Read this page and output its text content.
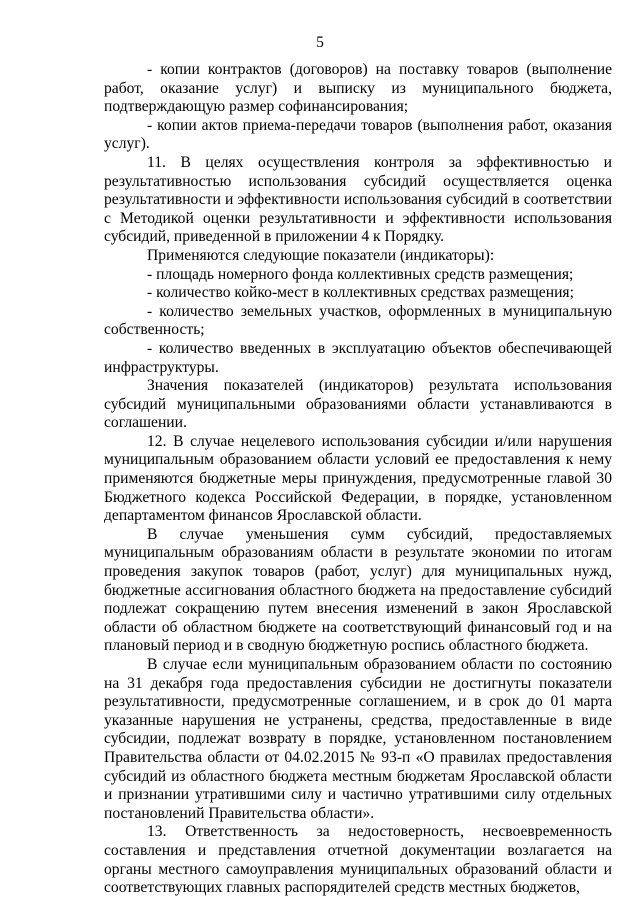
5

- копии контрактов (договоров) на поставку товаров (выполнение работ, оказание услуг) и выписку из муниципального бюджета, подтверждающую размер софинансирования;

- копии актов приема-передачи товаров (выполнения работ, оказания услуг).

11. В целях осуществления контроля за эффективностью и результативностью использования субсидий осуществляется оценка результативности и эффективности использования субсидий в соответствии с Методикой оценки результативности и эффективности использования субсидий, приведенной в приложении 4 к Порядку.

Применяются следующие показатели (индикаторы):

- площадь номерного фонда коллективных средств размещения;

- количество койко-мест в коллективных средствах размещения;

- количество земельных участков, оформленных в муниципальную собственность;

- количество введенных в эксплуатацию объектов обеспечивающей инфраструктуры.

Значения показателей (индикаторов) результата использования субсидий муниципальными образованиями области устанавливаются в соглашении.

12. В случае нецелевого использования субсидии и/или нарушения муниципальным образованием области условий ее предоставления к нему применяются бюджетные меры принуждения, предусмотренные главой 30 Бюджетного кодекса Российской Федерации, в порядке, установленном департаментом финансов Ярославской области.

В случае уменьшения сумм субсидий, предоставляемых муниципальным образованиям области в результате экономии по итогам проведения закупок товаров (работ, услуг) для муниципальных нужд, бюджетные ассигнования областного бюджета на предоставление субсидий подлежат сокращению путем внесения изменений в закон Ярославской области об областном бюджете на соответствующий финансовый год и на плановый период и в сводную бюджетную роспись областного бюджета.

В случае если муниципальным образованием области по состоянию на 31 декабря года предоставления субсидии не достигнуты показатели результативности, предусмотренные соглашением, и в срок до 01 марта указанные нарушения не устранены, средства, предоставленные в виде субсидии, подлежат возврату в порядке, установленном постановлением Правительства области от 04.02.2015 № 93-п «О правилах предоставления субсидий из областного бюджета местным бюджетам Ярославской области и признании утратившими силу и частично утратившими силу отдельных постановлений Правительства области».

13. Ответственность за недостоверность, несвоевременность составления и представления отчетной документации возлагается на органы местного самоуправления муниципальных образований области и соответствующих главных распорядителей средств местных бюджетов,
